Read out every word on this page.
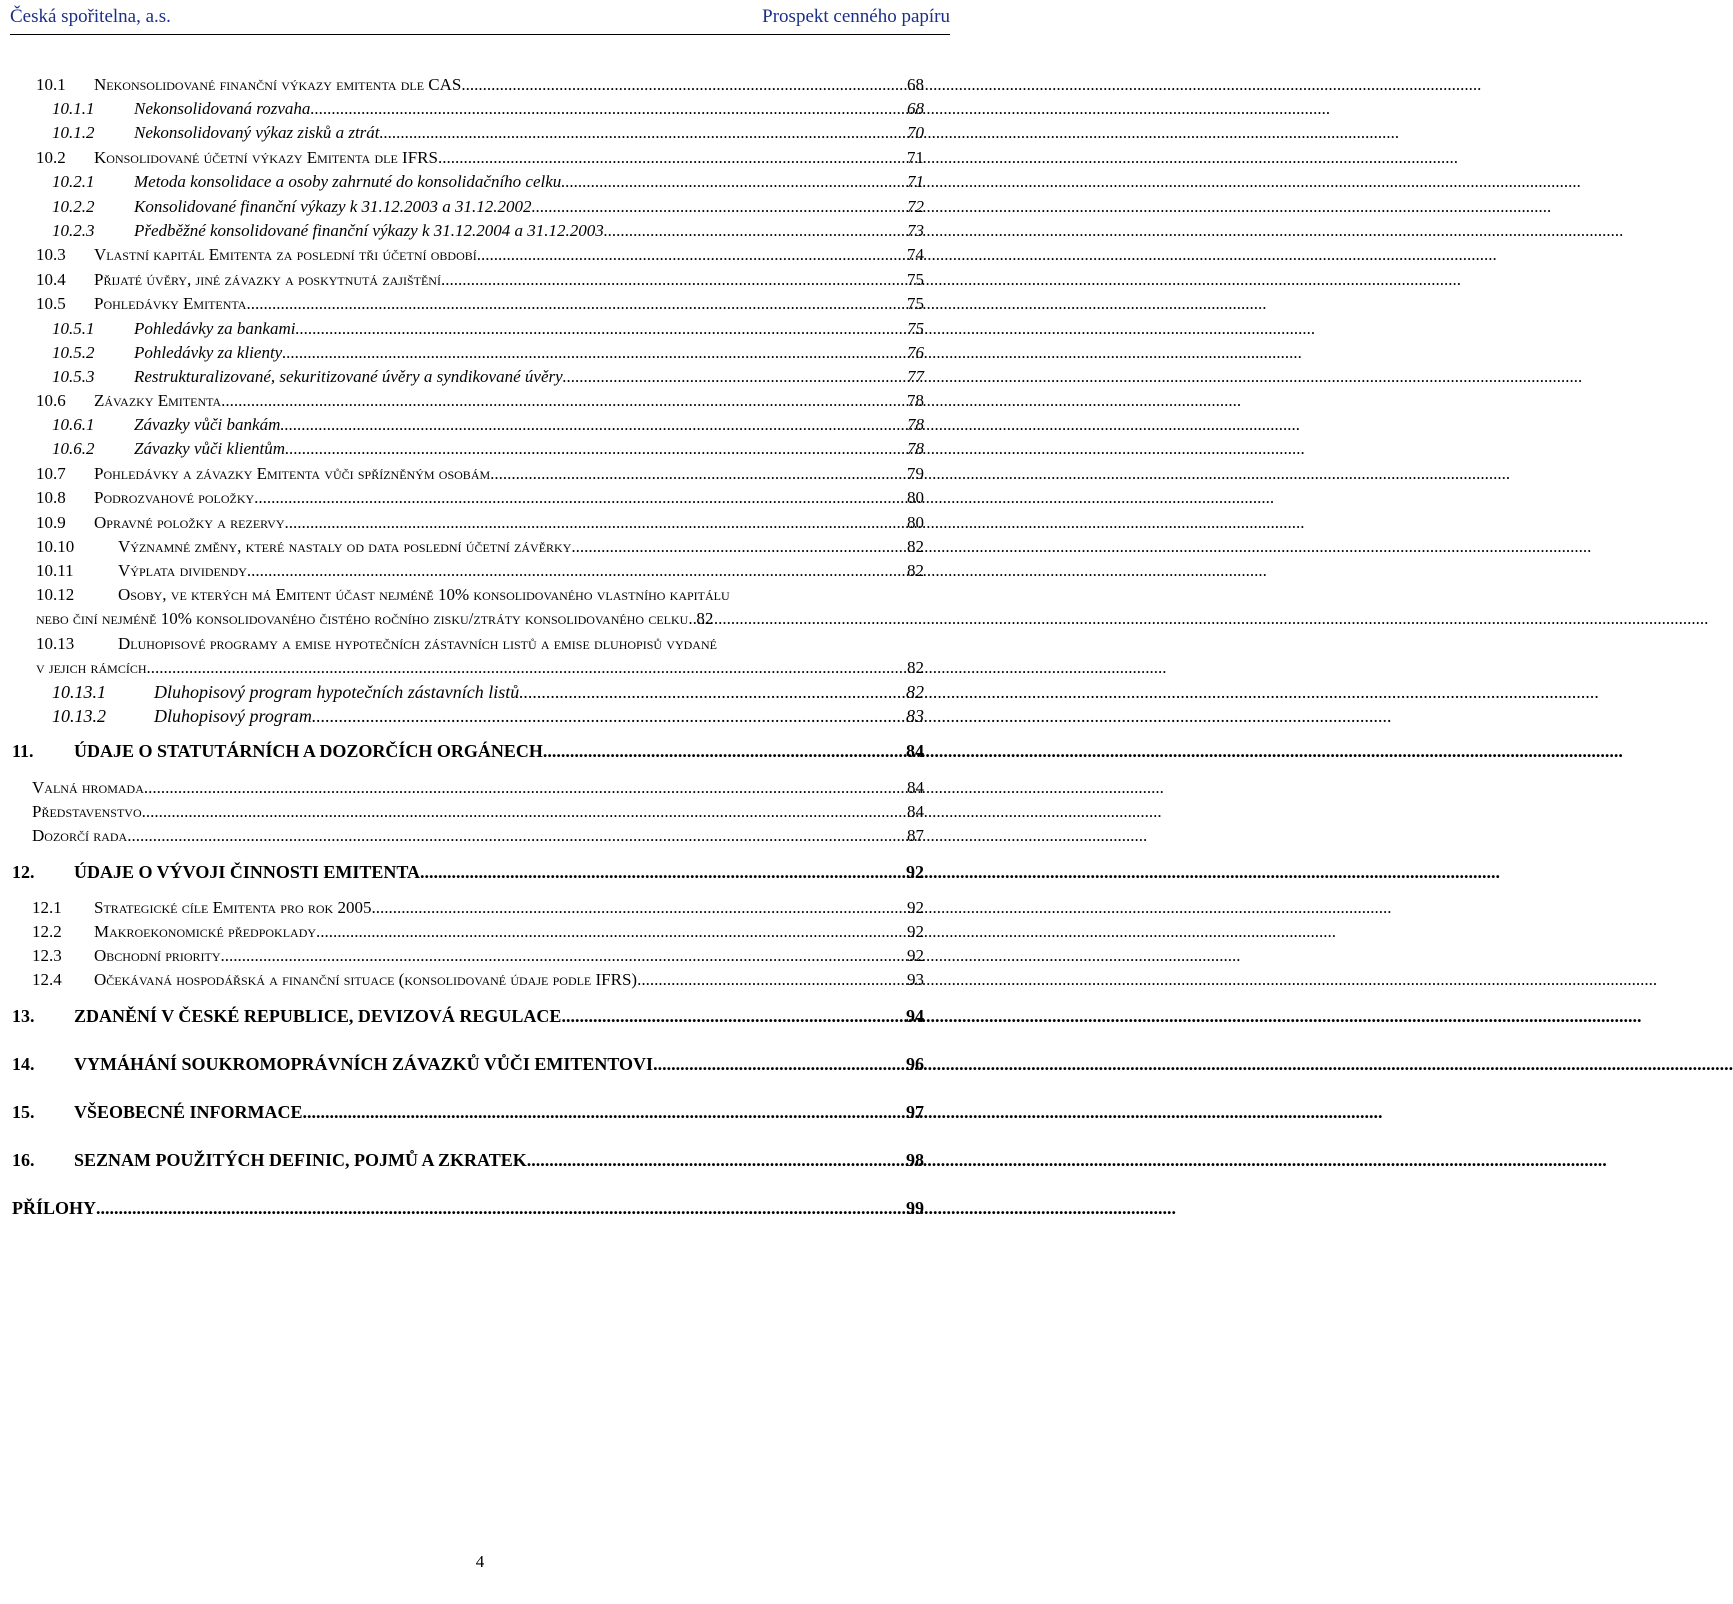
Česká spořitelna, a.s.	Prospekt cenného papíru
10.1 Nekonsolidované finanční výkazy emitenta dle CAS .....	68
10.1.1 Nekonsolidovaná rozvaha .....	68
10.1.2 Nekonsolidovaný výkaz zisků a ztrát .....	70
10.2 Konsolidované účetní výkazy Emitenta dle IFRS .....	71
10.2.1 Metoda konsolidace a osoby zahrnuté do konsolidačního celku .....	71
10.2.2 Konsolidované finanční výkazy k 31.12.2003 a 31.12.2002 .....	72
10.2.3 Předběžné konsolidované finanční výkazy k 31.12.2004 a 31.12.2003 .....	73
10.3 Vlastní kapitál Emitenta za poslední tři účetní období .....	74
10.4 Přijaté úvěry, jiné závazky a poskytnutá zajištění .....	75
10.5 Pohledávky Emitenta .....	75
10.5.1 Pohledávky za bankami .....	75
10.5.2 Pohledávky za klienty .....	76
10.5.3 Restrukturalizované, sekuritizované úvěry a syndikované úvěry .....	77
10.6 Závazky Emitenta .....	78
10.6.1 Závazky vůči bankám .....	78
10.6.2 Závazky vůči klientům .....	78
10.7 Pohledávky a závazky Emitenta vůči spřízněným osobám .....	79
10.8 Podrozvahové položky .....	80
10.9 Opravné položky a rezervy .....	80
10.10	Významné změny, které nastaly od data poslední účetní závěrky .....	82
10.11	Výplata dividendy .....	82
10.12	Osoby, ve kterých má Emitent účast nejméně 10% konsolidovaného vlastního kapitálu
nebo činí nejméně 10% konsolidovaného čistého ročního zisku/ztráty konsolidovaného celku ..... 82
10.13	Dluhopisové programy a emise hypotečních zástavních listů a emise dluhopisů vydané
v jejich rámcích .....	82
10.13.1	Dluhopisový program hypotečních zástavních listů .....	82
10.13.2	Dluhopisový program .....	83
11. ÚDAJE O STATUTÁRNÍCH A DOZORČÍCH ORGÁNECH .....	84
Valná hromada .....	84
Představenstvo .....	84
Dozorčí rada .....	87
12. ÚDAJE O VÝVOJI ČINNOSTI EMITENTA .....	92
12.1 Strategické cíle Emitenta pro rok 2005 .....	92
12.2 Makroekonomické předpoklady .....	92
12.3 Obchodní priority .....	92
12.4 Očekávaná hospodářská a finanční situace (konsolidované údaje podle IFRS) .....	93
13. ZDANĚNÍ V ČESKÉ REPUBLICE, DEVIZOVÁ REGULACE .....	94
14. VYMÁHÁNÍ SOUKROMOPRÁVNÍCH ZÁVAZKŮ VŮČI EMITENTOVI .....	96
15. VŠEOBECNÉ INFORMACE .....	97
16. SEZNAM POUŽITÝCH DEFINIC, POJMŮ A ZKRATEK .....	98
PŘÍLOHY .....	99
4
